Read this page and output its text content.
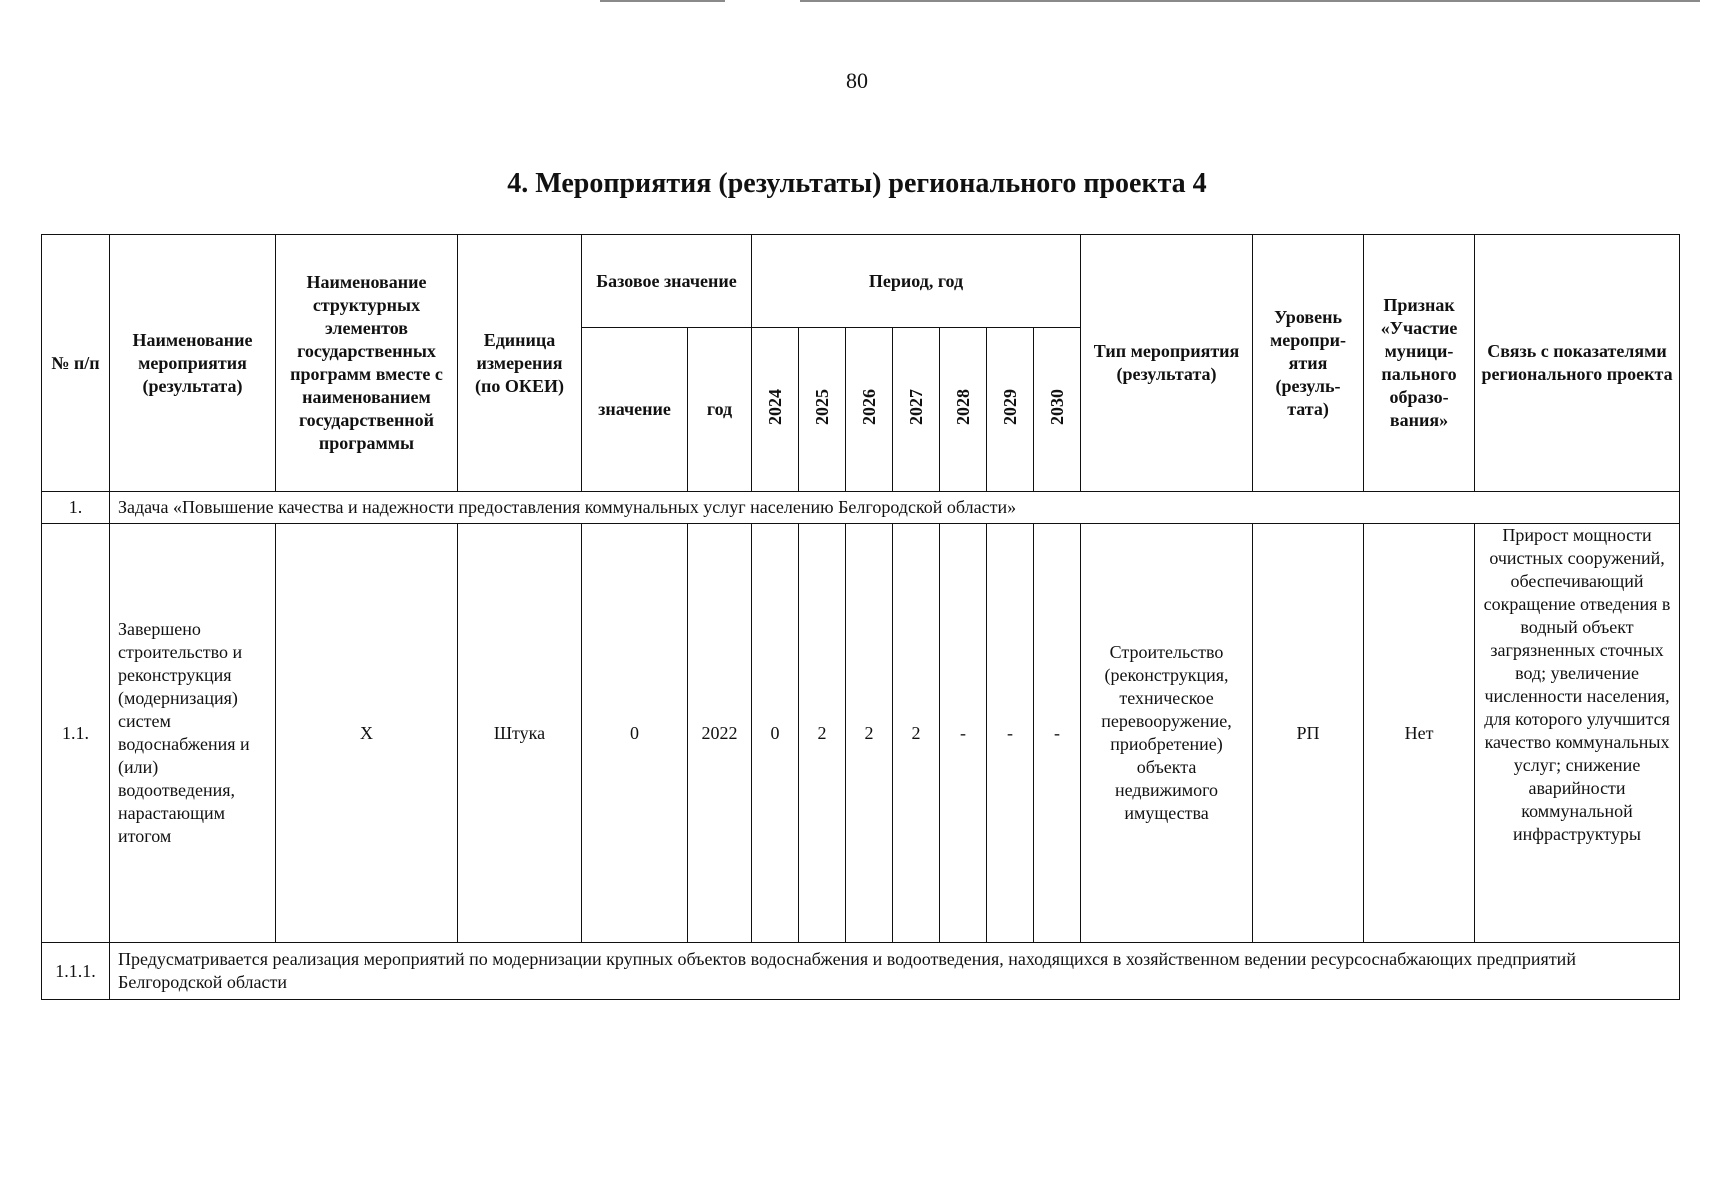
80
4. Мероприятия (результаты) регионального проекта 4
№ п/п	Наименование мероприятия (результата)	Наименование структурных элементов государственных программ вместе с наименованием государственной программы	Единица измерения (по ОКЕИ)	Базовое значение		Период, год							Тип мероприятия (результата)	Уровень меропри-ятия (резуль-тата)	Признак «Участие муници-пального образо-вания»	Связь с показателями регионального проекта
				значение	год	2024	2025	2026	2027	2028	2029	2030				
1.	Задача «Повышение качества и надежности предоставления коммунальных услуг населению Белгородской области»															
1.1.	Завершено строительство и реконструкция (модернизация) систем водоснабжения и (или) водоотведения, нарастающим итогом	X	Штука	0	2022	0	2	2	2	-	-	-	Строительство (реконструкция, техническое перевооружение, приобретение) объекта недвижимого имущества	РП	Нет	Прирост мощности очистных сооружений, обеспечивающий сокращение отведения в водный объект загрязненных сточных вод; увеличение численности населения, для которого улучшится качество коммунальных услуг; снижение аварийности коммунальной инфраструктуры
1.1.1.	Предусматривается реализация мероприятий по модернизации крупных объектов водоснабжения и водоотведения, находящихся в хозяйственном ведении ресурсоснабжающих предприятий Белгородской области															
